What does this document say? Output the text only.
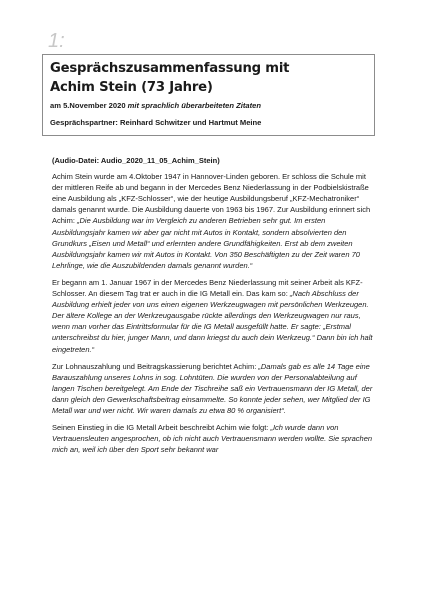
1:
Gesprächszusammenfassung mit
Achim Stein (73 Jahre)
am 5.November 2020 mit sprachlich überarbeiteten Zitaten
Gesprächspartner: Reinhard Schwitzer und Hartmut Meine
(Audio-Datei: Audio_2020_11_05_Achim_Stein)

Achim Stein wurde am 4.Oktober 1947 in Hannover-Linden geboren. Er schloss die Schule mit der mittleren Reife ab und begann in der Mercedes Benz Niederlassung in der Podbielskistraße eine Ausbildung als „KFZ-Schlosser“, wie der heutige Ausbildungsberuf „KFZ-Mechatroniker“ damals genannt wurde. Die Ausbildung dauerte von 1963 bis 1967. Zur Ausbildung erinnert sich Achim: „Die Ausbildung war im Vergleich zu anderen Betrieben sehr gut. Im ersten Ausbildungsjahr kamen wir aber gar nicht mit Autos in Kontakt, sondern absolvierten den Grundkurs „Eisen und Metall“ und erlernten andere Grundfähigkeiten. Erst ab dem zweiten Ausbildungsjahr kamen wir mit Autos in Kontakt. Von 350 Beschäftigten zu der Zeit waren 70 Lehrlinge, wie die Auszubildenden damals genannt wurden.“

Er begann am 1. Januar 1967 in der Mercedes Benz Niederlassung mit seiner Arbeit als KFZ-Schlosser. An diesem Tag trat er auch in die IG Metall ein. Das kam so: „Nach Abschluss der Ausbildung erhielt jeder von uns einen eigenen Werkzeugwagen mit persönlichen Werkzeugen. Der ältere Kollege an der Werkzeugausgabe rückte allerdings den Werkzeugwagen nur raus, wenn man vorher das Eintrittsformular für die IG Metall ausgefüllt hatte. Er sagte: „Erstmal unterschreibst du hier, junger Mann, und dann kriegst du auch dein Werkzeug.“ Dann bin ich halt eingetreten.“

Zur Lohnauszahlung und Beitragskassierung berichtet Achim: „Damals gab es alle 14 Tage eine Barauszahlung unseres Lohns in sog. Lohntüten. Die wurden von der Personalabteilung auf langen Tischen bereitgelegt. Am Ende der Tischreihe saß ein Vertrauensmann der IG Metall, der dann gleich den Gewerkschaftsbeitrag einsammelte. So konnte jeder sehen, wer Mitglied der IG Metall war und wer nicht. Wir waren damals zu etwa 80 % organisiert“.

Seinen Einstieg in die IG Metall Arbeit beschreibt Achim wie folgt: „Ich wurde dann von Vertrauensleuten angesprochen, ob ich nicht auch Vertrauensmann werden wollte. Sie sprachen mich an, weil ich über den Sport sehr bekannt war
